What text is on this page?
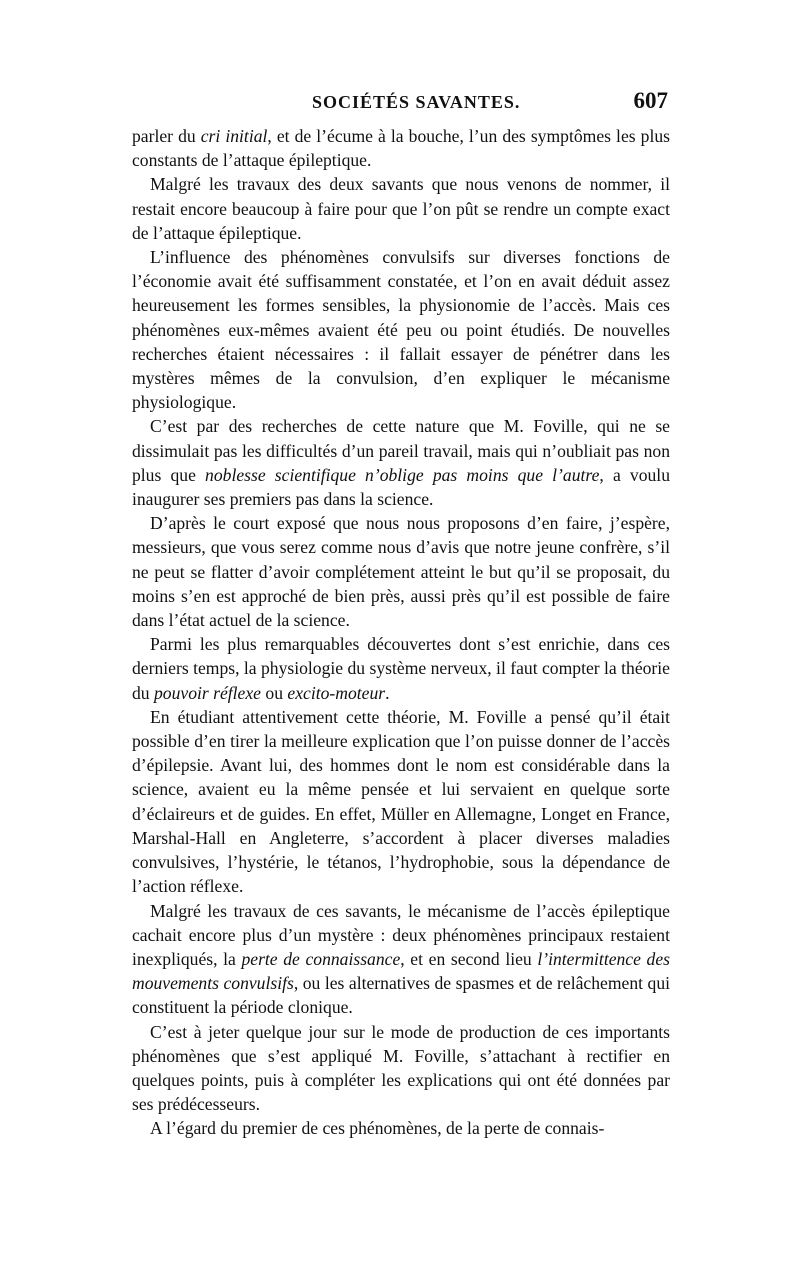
SOCIÉTÉS SAVANTES.	607

parler du cri initial, et de l’écume à la bouche, l’un des symptômes les plus constants de l’attaque épileptique.

Malgré les travaux des deux savants que nous venons de nommer, il restait encore beaucoup à faire pour que l’on pût se rendre un compte exact de l’attaque épileptique.

L’influence des phénomènes convulsifs sur diverses fonctions de l’économie avait été suffisamment constatée, et l’on en avait déduit assez heureusement les formes sensibles, la physionomie de l’accès. Mais ces phénomènes eux-mêmes avaient été peu ou point étudiés. De nouvelles recherches étaient nécessaires : il fallait essayer de pénétrer dans les mystères mêmes de la convulsion, d’en expliquer le mécanisme physiologique.

C’est par des recherches de cette nature que M. Foville, qui ne se dissimulait pas les difficultés d’un pareil travail, mais qui n’oubliait pas non plus que noblesse scientifique n’oblige pas moins que l’autre, a voulu inaugurer ses premiers pas dans la science.

D’après le court exposé que nous nous proposons d’en faire, j’espère, messieurs, que vous serez comme nous d’avis que notre jeune confrère, s’il ne peut se flatter d’avoir complétement atteint le but qu’il se proposait, du moins s’en est approché de bien près, aussi près qu’il est possible de faire dans l’état actuel de la science.

Parmi les plus remarquables découvertes dont s’est enrichie, dans ces derniers temps, la physiologie du système nerveux, il faut compter la théorie du pouvoir réflexe ou excito-moteur.

En étudiant attentivement cette théorie, M. Foville a pensé qu’il était possible d’en tirer la meilleure explication que l’on puisse donner de l’accès d’épilepsie. Avant lui, des hommes dont le nom est considérable dans la science, avaient eu la même pensée et lui servaient en quelque sorte d’éclaireurs et de guides. En effet, Müller en Allemagne, Longet en France, Marshal-Hall en Angleterre, s’accordent à placer diverses maladies convulsives, l’hystérie, le tétanos, l’hydrophobie, sous la dépendance de l’action réflexe.

Malgré les travaux de ces savants, le mécanisme de l’accès épileptique cachait encore plus d’un mystère : deux phénomènes principaux restaient inexpliqués, la perte de connaissance, et en second lieu l’intermittence des mouvements convulsifs, ou les alternatives de spasmes et de relâchement qui constituent la période clonique.

C’est à jeter quelque jour sur le mode de production de ces importants phénomènes que s’est appliqué M. Foville, s’attachant à rectifier en quelques points, puis à compléter les explications qui ont été données par ses prédécesseurs.

A l’égard du premier de ces phénomènes, de la perte de connais-
